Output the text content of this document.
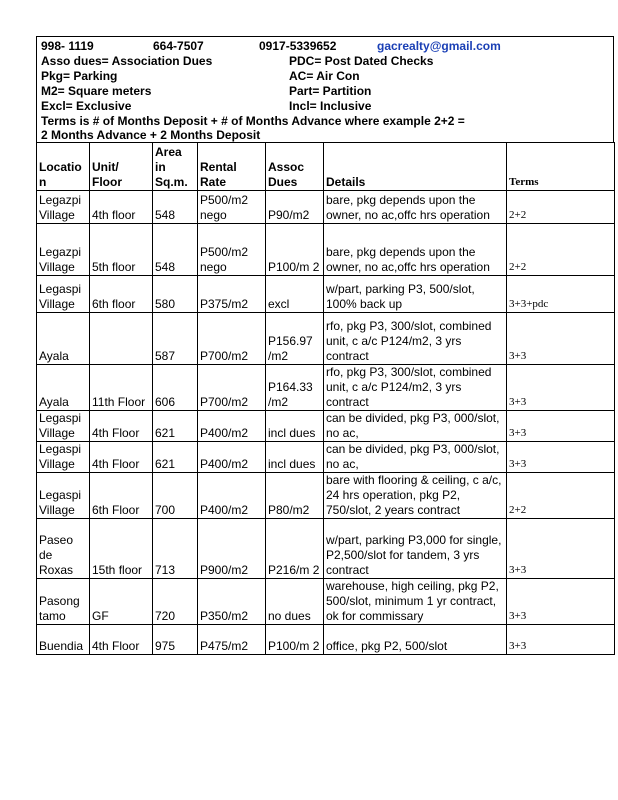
998- 1119	664-7507	0917-5339652	gacrealty@gmail.com
Asso dues= Association Dues	PDC= Post Dated Checks
Pkg= Parking	AC= Air Con
M2= Square meters	Part= Partition
Excl= Exclusive	Incl= Inclusive
Terms is # of Months Deposit + # of Months Advance where example 2+2 =
2 Months Advance + 2 Months Deposit
Locatio n	Unit/ Floor	Area in Sq.m.	Rental Rate	Assoc Dues	Details	Terms
Legazpi Village	4th floor	548	P500/m2 nego	P90/m2	bare, pkg depends upon the owner, no ac,offc hrs operation	2+2
Legazpi Village	5th floor	548	P500/m2 nego	P100/m 2	bare, pkg depends upon the owner, no ac,offc hrs operation	2+2
Legaspi Village	6th floor	580	P375/m2	excl	w/part, parking P3, 500/slot, 100% back up	3+3+pdc
Ayala		587	P700/m2	P156.97 /m2	rfo, pkg P3, 300/slot, combined unit, c a/c P124/m2, 3 yrs contract	3+3
Ayala	11th Floor	606	P700/m2	P164.33 /m2	rfo, pkg P3, 300/slot, combined unit, c a/c P124/m2, 3 yrs contract	3+3
Legaspi Village	4th Floor	621	P400/m2	incl dues	can be divided, pkg P3, 000/slot, no ac,	3+3
Legaspi Village	4th Floor	621	P400/m2	incl dues	can be divided, pkg P3, 000/slot, no ac,	3+3
Legaspi Village	6th Floor	700	P400/m2	P80/m2	bare with flooring & ceiling, c a/c, 24 hrs operation, pkg P2, 750/slot, 2 years contract	2+2
Paseo de Roxas	15th floor	713	P900/m2	P216/m 2	w/part, parking P3,000 for single, P2,500/slot for tandem, 3 yrs contract	3+3
Pasong tamo	GF	720	P350/m2	no dues	warehouse, high ceiling, pkg P2, 500/slot, minimum 1 yr contract, ok for commissary	3+3
Buendia	4th Floor	975	P475/m2	P100/m 2	office, pkg P2, 500/slot	3+3
